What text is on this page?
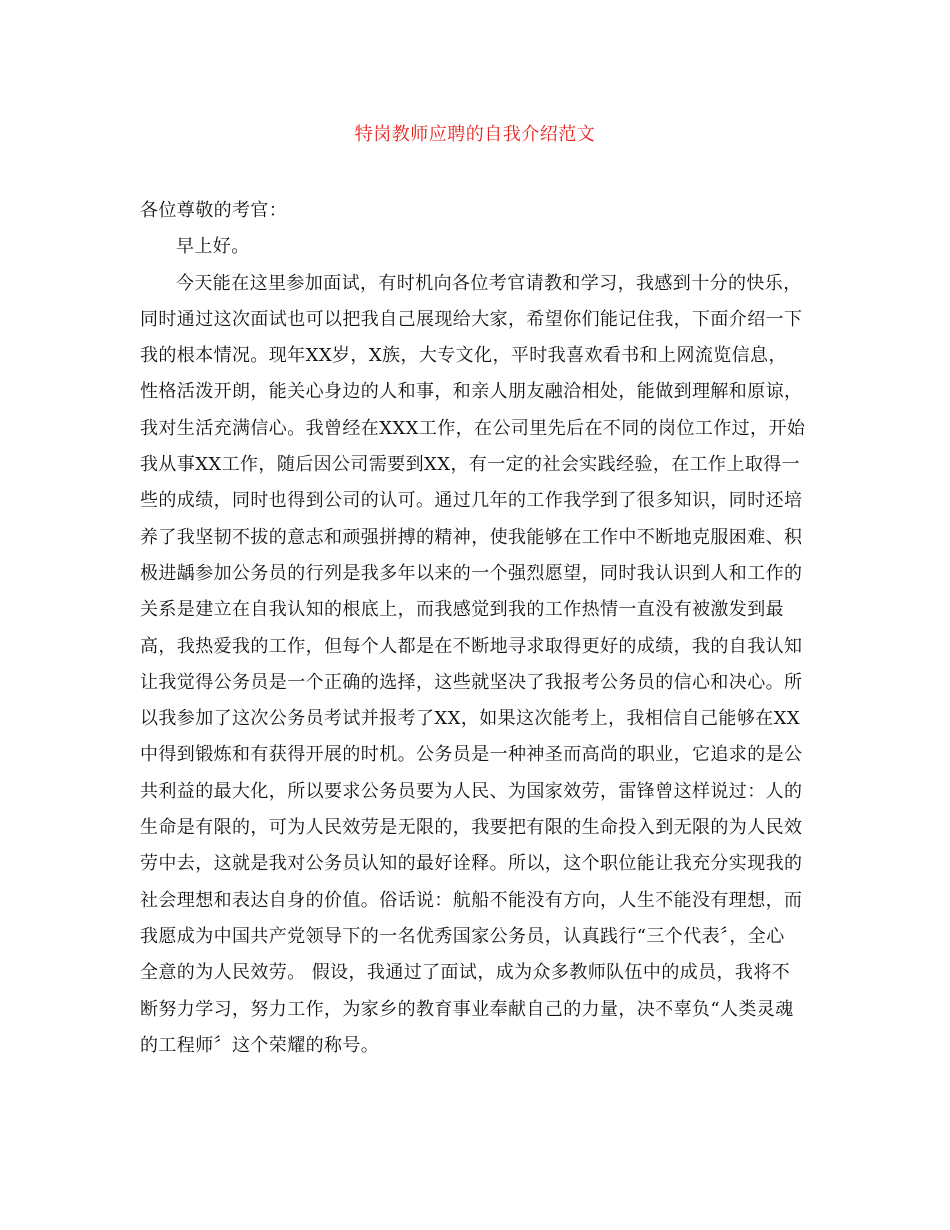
特岗教师应聘的自我介绍范文
各位尊敬的考官：
早上好。
今天能在这里参加面试，有时机向各位考官请教和学习，我感到十分的快乐，
同时通过这次面试也可以把我自己展现给大家，希望你们能记住我，下面介绍一下
我的根本情况。现年XX岁，X族，大专文化，平时我喜欢看书和上网流览信息，
性格活泼开朗，能关心身边的人和事，和亲人朋友融洽相处，能做到理解和原谅，
我对生活充满信心。我曾经在XXX工作，在公司里先后在不同的岗位工作过，开始
我从事XX工作，随后因公司需要到XX，有一定的社会实践经验，在工作上取得一
些的成绩，同时也得到公司的认可。通过几年的工作我学到了很多知识，同时还培
养了我坚韧不拔的意志和顽强拼搏的精神，使我能够在工作中不断地克服困难、积
极进龋参加公务员的行列是我多年以来的一个强烈愿望，同时我认识到人和工作的
关系是建立在自我认知的根底上，而我感觉到我的工作热情一直没有被激发到最
高，我热爱我的工作，但每个人都是在不断地寻求取得更好的成绩，我的自我认知
让我觉得公务员是一个正确的选择，这些就坚决了我报考公务员的信心和决心。所
以我参加了这次公务员考试并报考了XX，如果这次能考上，我相信自己能够在XX
中得到锻炼和有获得开展的时机。公务员是一种神圣而高尚的职业，它追求的是公
共利益的最大化，所以要求公务员要为人民、为国家效劳，雷锋曾这样说过：人的
生命是有限的，可为人民效劳是无限的，我要把有限的生命投入到无限的为人民效
劳中去，这就是我对公务员认知的最好诠释。所以，这个职位能让我充分实现我的
社会理想和表达自身的价值。俗话说：航船不能没有方向，人生不能没有理想，而
我愿成为中国共产党领导下的一名优秀国家公务员，认真践行“三个代表〞，全心
全意的为人民效劳。 假设，我通过了面试，成为众多教师队伍中的成员，我将不
断努力学习，努力工作，为家乡的教育事业奉献自己的力量，决不辜负“人类灵魂
的工程师〞这个荣耀的称号。
